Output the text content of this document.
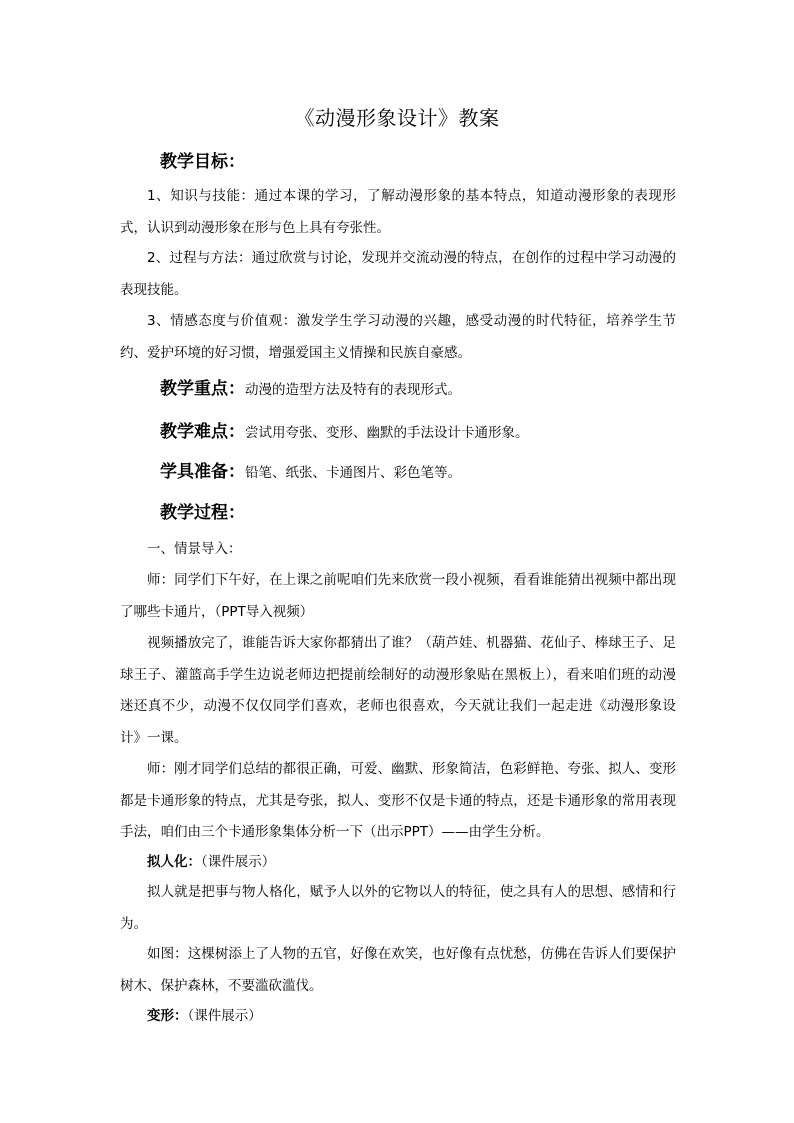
《动漫形象设计》教案
教学目标：

1、知识与技能：通过本课的学习，了解动漫形象的基本特点，知道动漫形象的表现形式，认识到动漫形象在形与色上具有夸张性。

2、过程与方法：通过欣赏与讨论，发现并交流动漫的特点，在创作的过程中学习动漫的表现技能。

3、情感态度与价值观：激发学生学习动漫的兴趣，感受动漫的时代特征，培养学生节约、爱护环境的好习惯，增强爱国主义情操和民族自豪感。

教学重点：动漫的造型方法及特有的表现形式。
教学难点：尝试用夸张、变形、幽默的手法设计卡通形象。
学具准备：铅笔、纸张、卡通图片、彩色笔等。
教学过程：

一、情景导入：

师：同学们下午好，在上课之前呢咱们先来欣赏一段小视频，看看谁能猜出视频中都出现了哪些卡通片，（PPT导入视频）

视频播放完了，谁能告诉大家你都猜出了谁？（葫芦娃、机器猫、花仙子、棒球王子、足球王子、灌篮高手学生边说老师边把提前绘制好的动漫形象贴在黑板上），看来咱们班的动漫迷还真不少，动漫不仅仅同学们喜欢，老师也很喜欢，今天就让我们一起走进《动漫形象设计》一课。

师：刚才同学们总结的都很正确，可爱、幽默、形象简洁，色彩鲜艳、夸张、拟人、变形都是卡通形象的特点，尤其是夸张，拟人、变形不仅是卡通的特点，还是卡通形象的常用表现手法，咱们由三个卡通形象集体分析一下（出示PPT）——由学生分析。

拟人化：（课件展示）

拟人就是把事与物人格化，赋予人以外的它物以人的特征，使之具有人的思想、感情和行为。

如图：这棵树添上了人物的五官，好像在欢笑，也好像有点忧愁，仿佛在告诉人们要保护树木、保护森林，不要滥砍滥伐。

变形：（课件展示）
